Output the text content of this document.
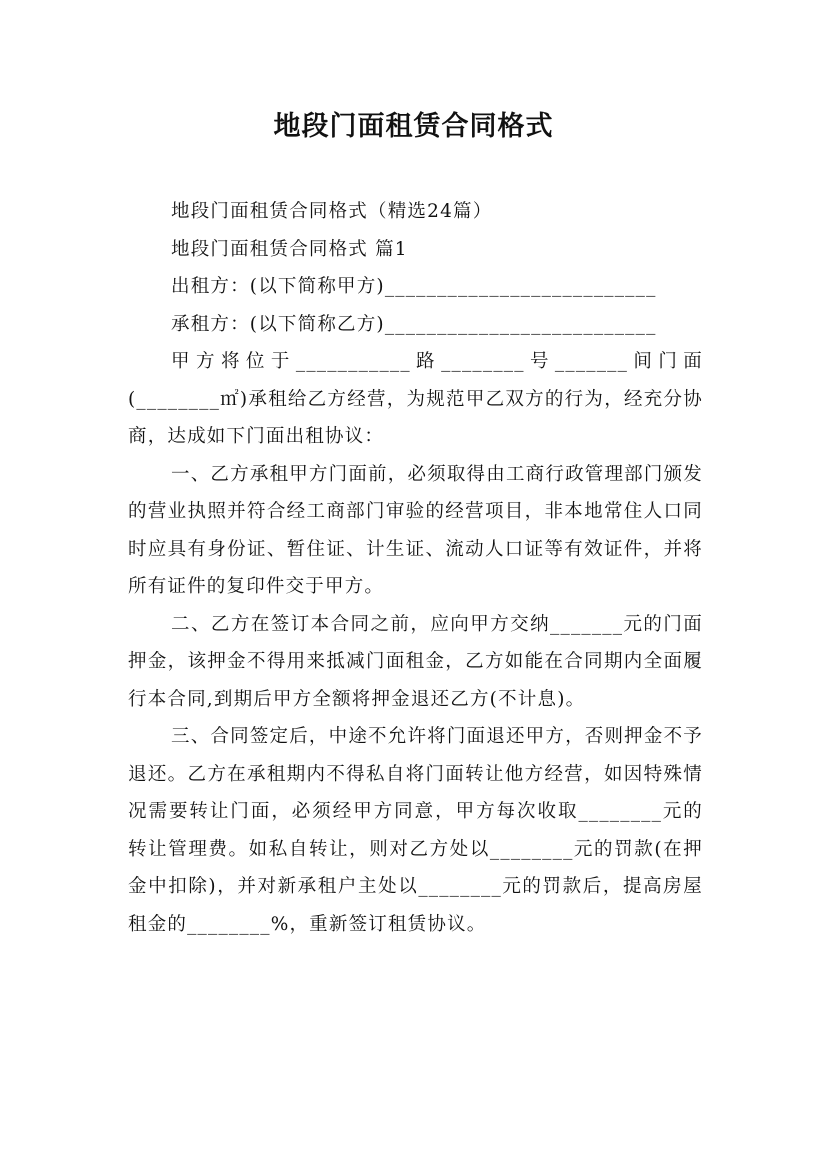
地段门面租赁合同格式

地段门面租赁合同格式（精选24篇）

地段门面租赁合同格式 篇1

出租方：(以下简称甲方)__________________________

承租方：(以下简称乙方)__________________________

甲方将位于___________路________号_______间门面(________㎡)承租给乙方经营，为规范甲乙双方的行为，经充分协商，达成如下门面出租协议：

一、乙方承租甲方门面前，必须取得由工商行政管理部门颁发的营业执照并符合经工商部门审验的经营项目，非本地常住人口同时应具有身份证、暂住证、计生证、流动人口证等有效证件，并将所有证件的复印件交于甲方。

二、乙方在签订本合同之前，应向甲方交纳_______元的门面押金，该押金不得用来抵减门面租金，乙方如能在合同期内全面履行本合同,到期后甲方全额将押金退还乙方(不计息)。

三、合同签定后，中途不允许将门面退还甲方，否则押金不予退还。乙方在承租期内不得私自将门面转让他方经营，如因特殊情况需要转让门面，必须经甲方同意，甲方每次收取________元的转让管理费。如私自转让，则对乙方处以________元的罚款(在押金中扣除)，并对新承租户主处以________元的罚款后，提高房屋租金的________%，重新签订租赁协议。
